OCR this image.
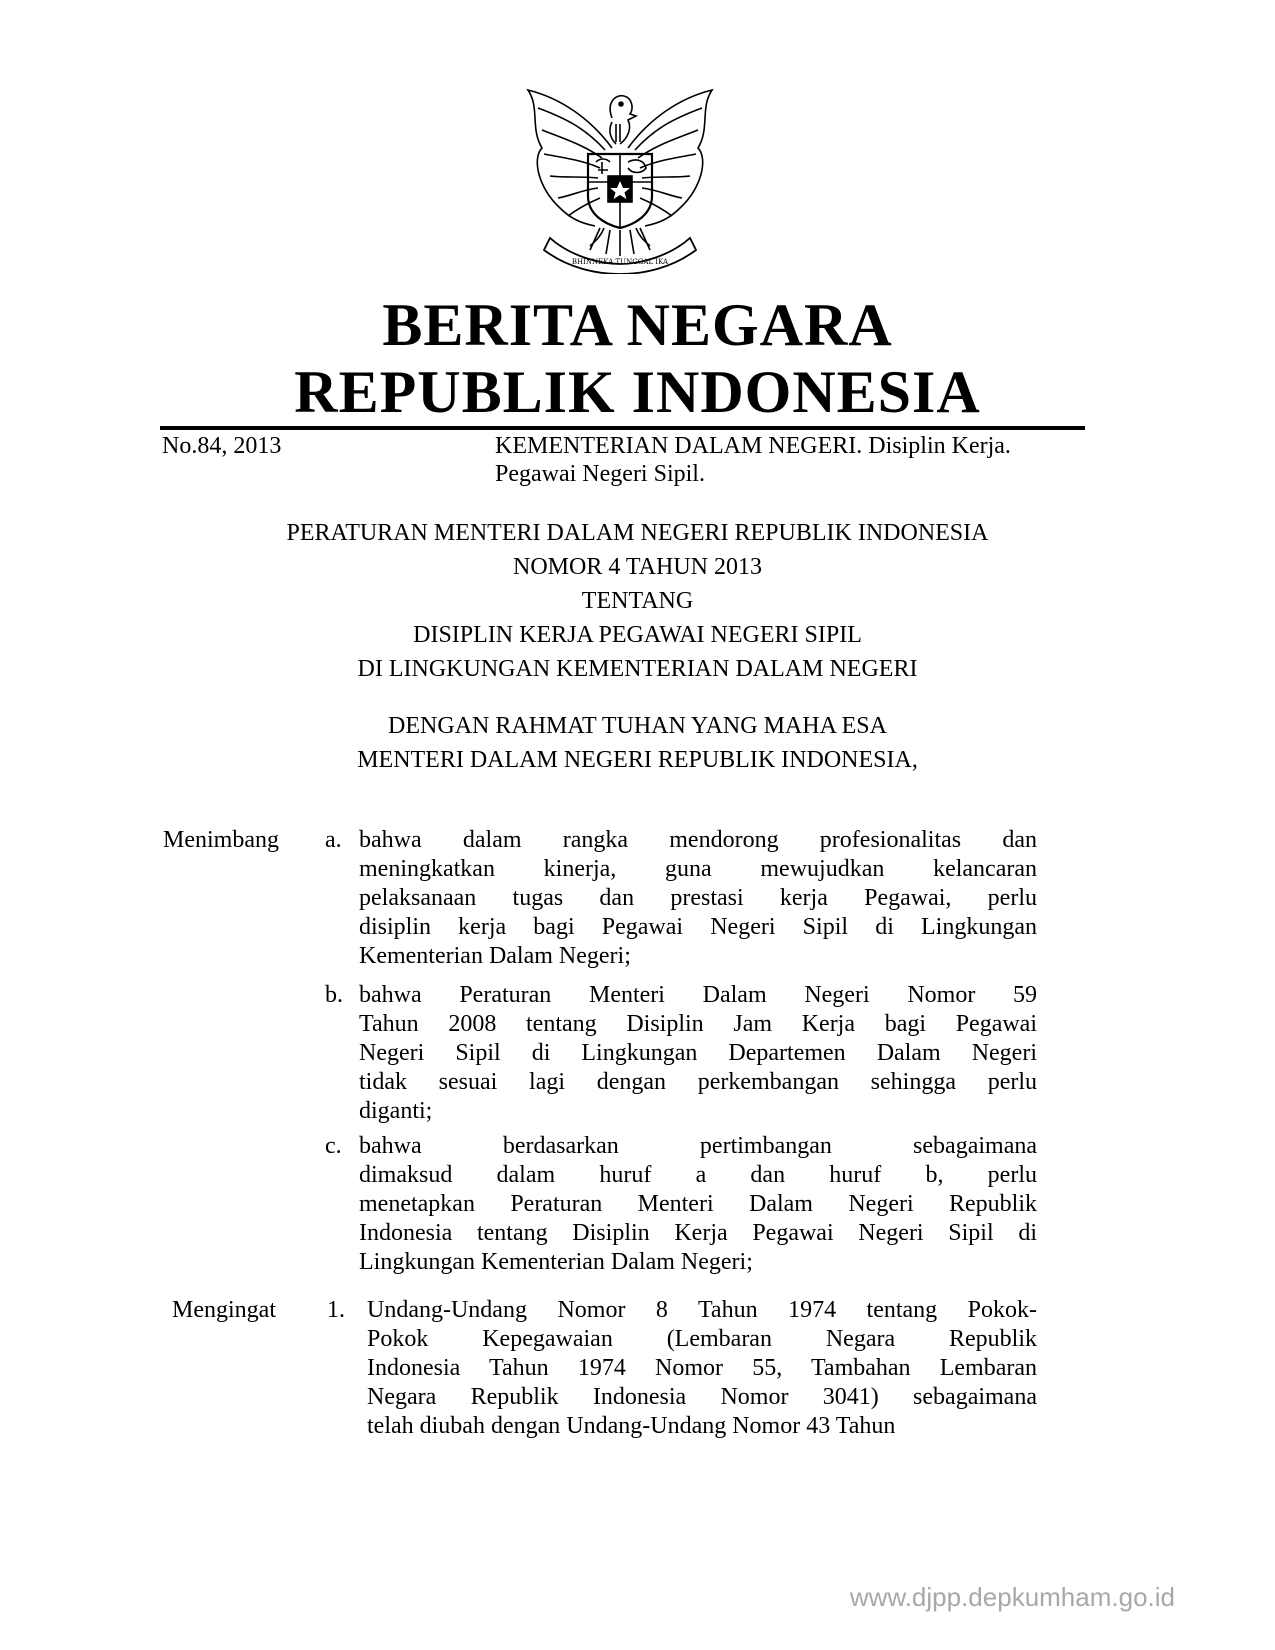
BHINNEKA TUNGGAL IKA
BERITA NEGARA
REPUBLIK INDONESIA
No.84, 2013	KEMENTERIAN DALAM NEGERI. Disiplin Kerja.
Pegawai Negeri Sipil.
PERATURAN MENTERI DALAM NEGERI REPUBLIK INDONESIA
NOMOR 4 TAHUN 2013
TENTANG
DISIPLIN KERJA PEGAWAI NEGERI SIPIL
DI LINGKUNGAN KEMENTERIAN DALAM NEGERI
DENGAN RAHMAT TUHAN YANG MAHA ESA
MENTERI DALAM NEGERI REPUBLIK INDONESIA,
Menimbang a. bahwa dalam rangka mendorong profesionalitas dan
meningkatkan kinerja, guna mewujudkan kelancaran
pelaksanaan tugas dan prestasi kerja Pegawai, perlu
disiplin kerja bagi Pegawai Negeri Sipil di Lingkungan
Kementerian Dalam Negeri;
b. bahwa Peraturan Menteri Dalam Negeri Nomor 59
Tahun 2008 tentang Disiplin Jam Kerja bagi Pegawai
Negeri Sipil di Lingkungan Departemen Dalam Negeri
tidak sesuai lagi dengan perkembangan sehingga perlu
diganti;
c. bahwa berdasarkan pertimbangan sebagaimana
dimaksud dalam huruf a dan huruf b, perlu
menetapkan Peraturan Menteri Dalam Negeri Republik
Indonesia tentang Disiplin Kerja Pegawai Negeri Sipil di
Lingkungan Kementerian Dalam Negeri;
Mengingat 1. Undang-Undang Nomor 8 Tahun 1974 tentang Pokok-
Pokok Kepegawaian (Lembaran Negara Republik
Indonesia Tahun 1974 Nomor 55, Tambahan Lembaran
Negara Republik Indonesia Nomor 3041) sebagaimana
telah diubah dengan Undang-Undang Nomor 43 Tahun
www.djpp.depkumham.go.id
